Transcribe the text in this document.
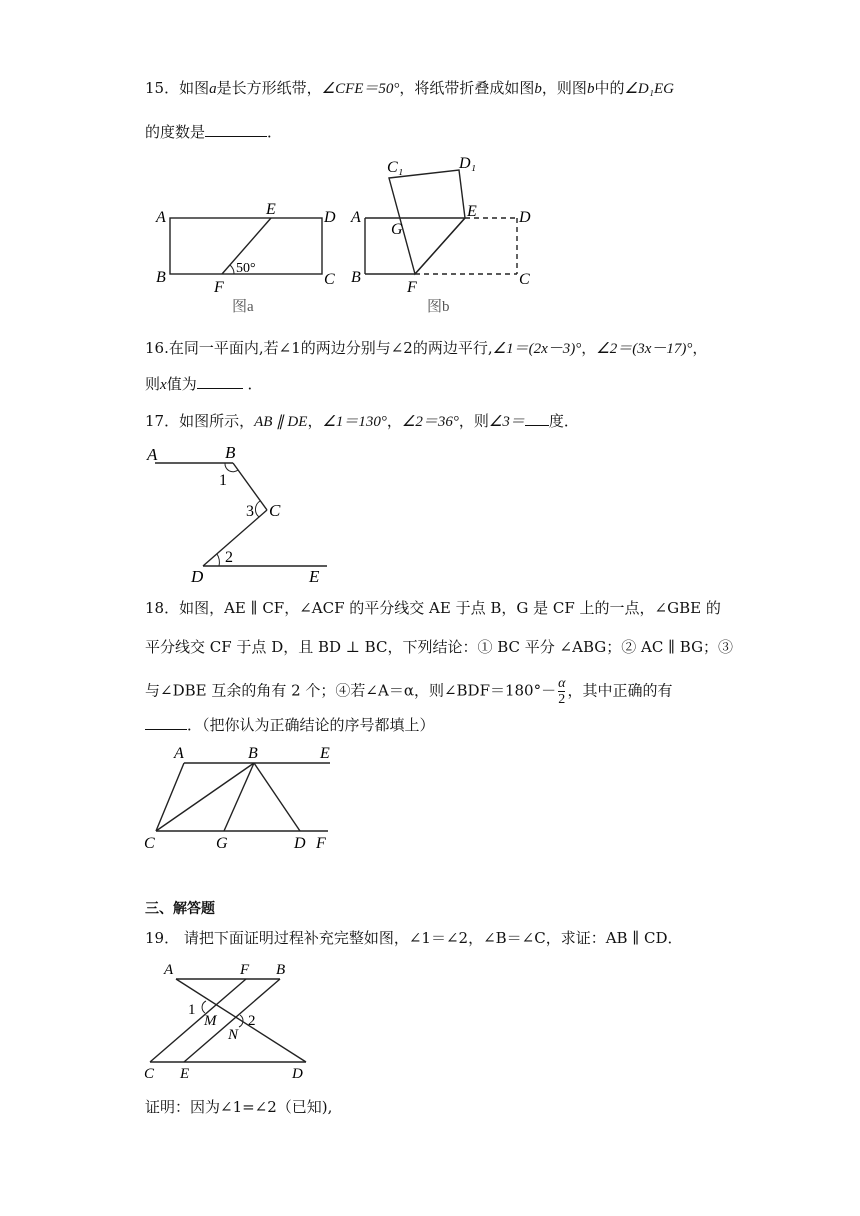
15．如图a是长方形纸带，∠CFE＝50°，将纸带折叠成如图b，则图b中的∠D₁EG
的度数是	．
A	E	D
B
F	C
50°
图a
C₁	D₁
A
G
E	D
B
F	C
图b
16.在同一平面内,若∠1的两边分别与∠2的两边平行,∠1＝(2x－3)°，∠2＝(3x－17)°，
则x值为	．
17．如图所示，AB ∥ DE，∠1＝130°，∠2＝36°，则∠3＝ 度．
A	B
1
3 C
2
D	E
18．如图，AE ∥ CF，∠ACF 的平分线交 AE 于点 B，G 是 CF 上的一点，∠GBE 的
平分线交 CF 于点 D，且 BD ⊥ BC，下列结论：① BC 平分 ∠ABG；② AC ∥ BG；③
与∠DBE 互余的角有 2 个；④若∠A＝α，则∠BDF＝180°－ $\frac{\alpha}{2}$ ，其中正确的有
．（把你认为正确结论的序号都填上）
A	B	E
C	G	D F
三、解答题
19． 请把下面证明过程补充完整如图，∠1＝∠2，∠B＝∠C，求证：AB ∥ CD．
A	F B
1
M 2
N
C E	D
证明：因为∠1=∠2（已知),
